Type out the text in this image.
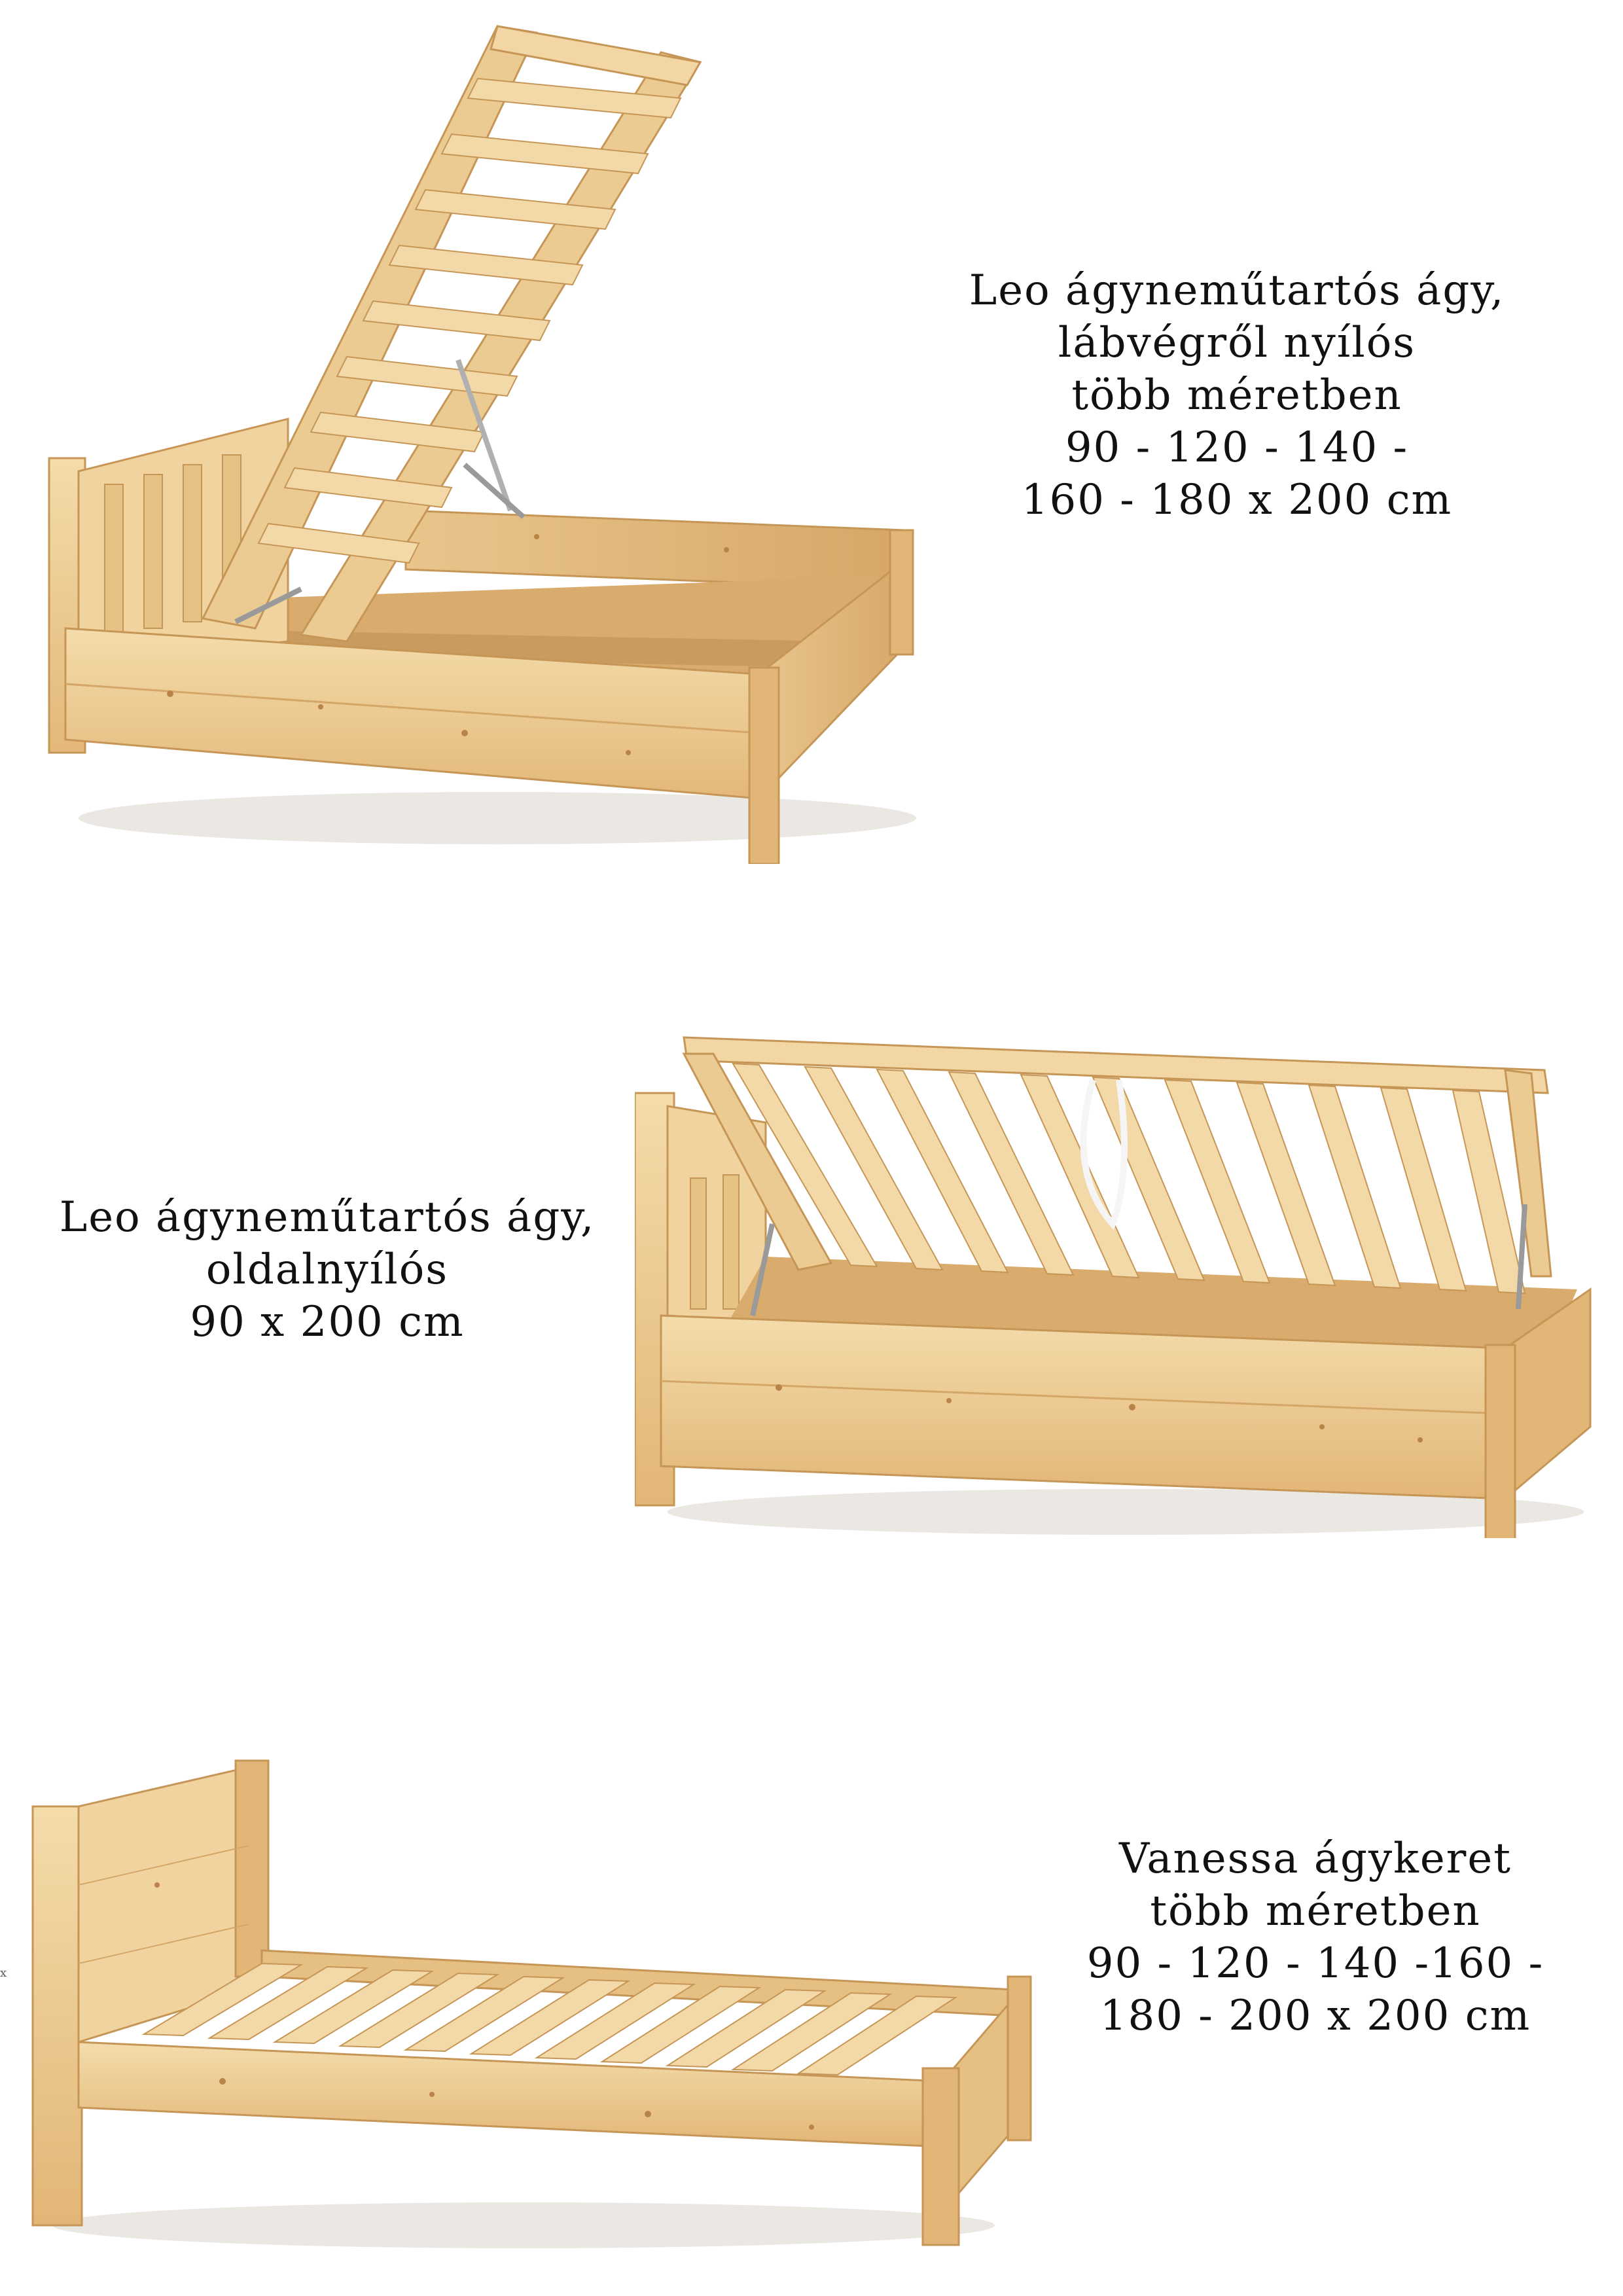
Leo ágyneműtartós ágy,
lábvégről nyílós
több méretben
90 - 120 - 140 -
160 - 180 x 200 cm
Leo ágyneműtartós ágy,
oldalnyílós
90 x 200 cm
x
Vanessa ágykeret
több méretben
90 - 120 - 140 -160 -
180 - 200 x 200 cm
